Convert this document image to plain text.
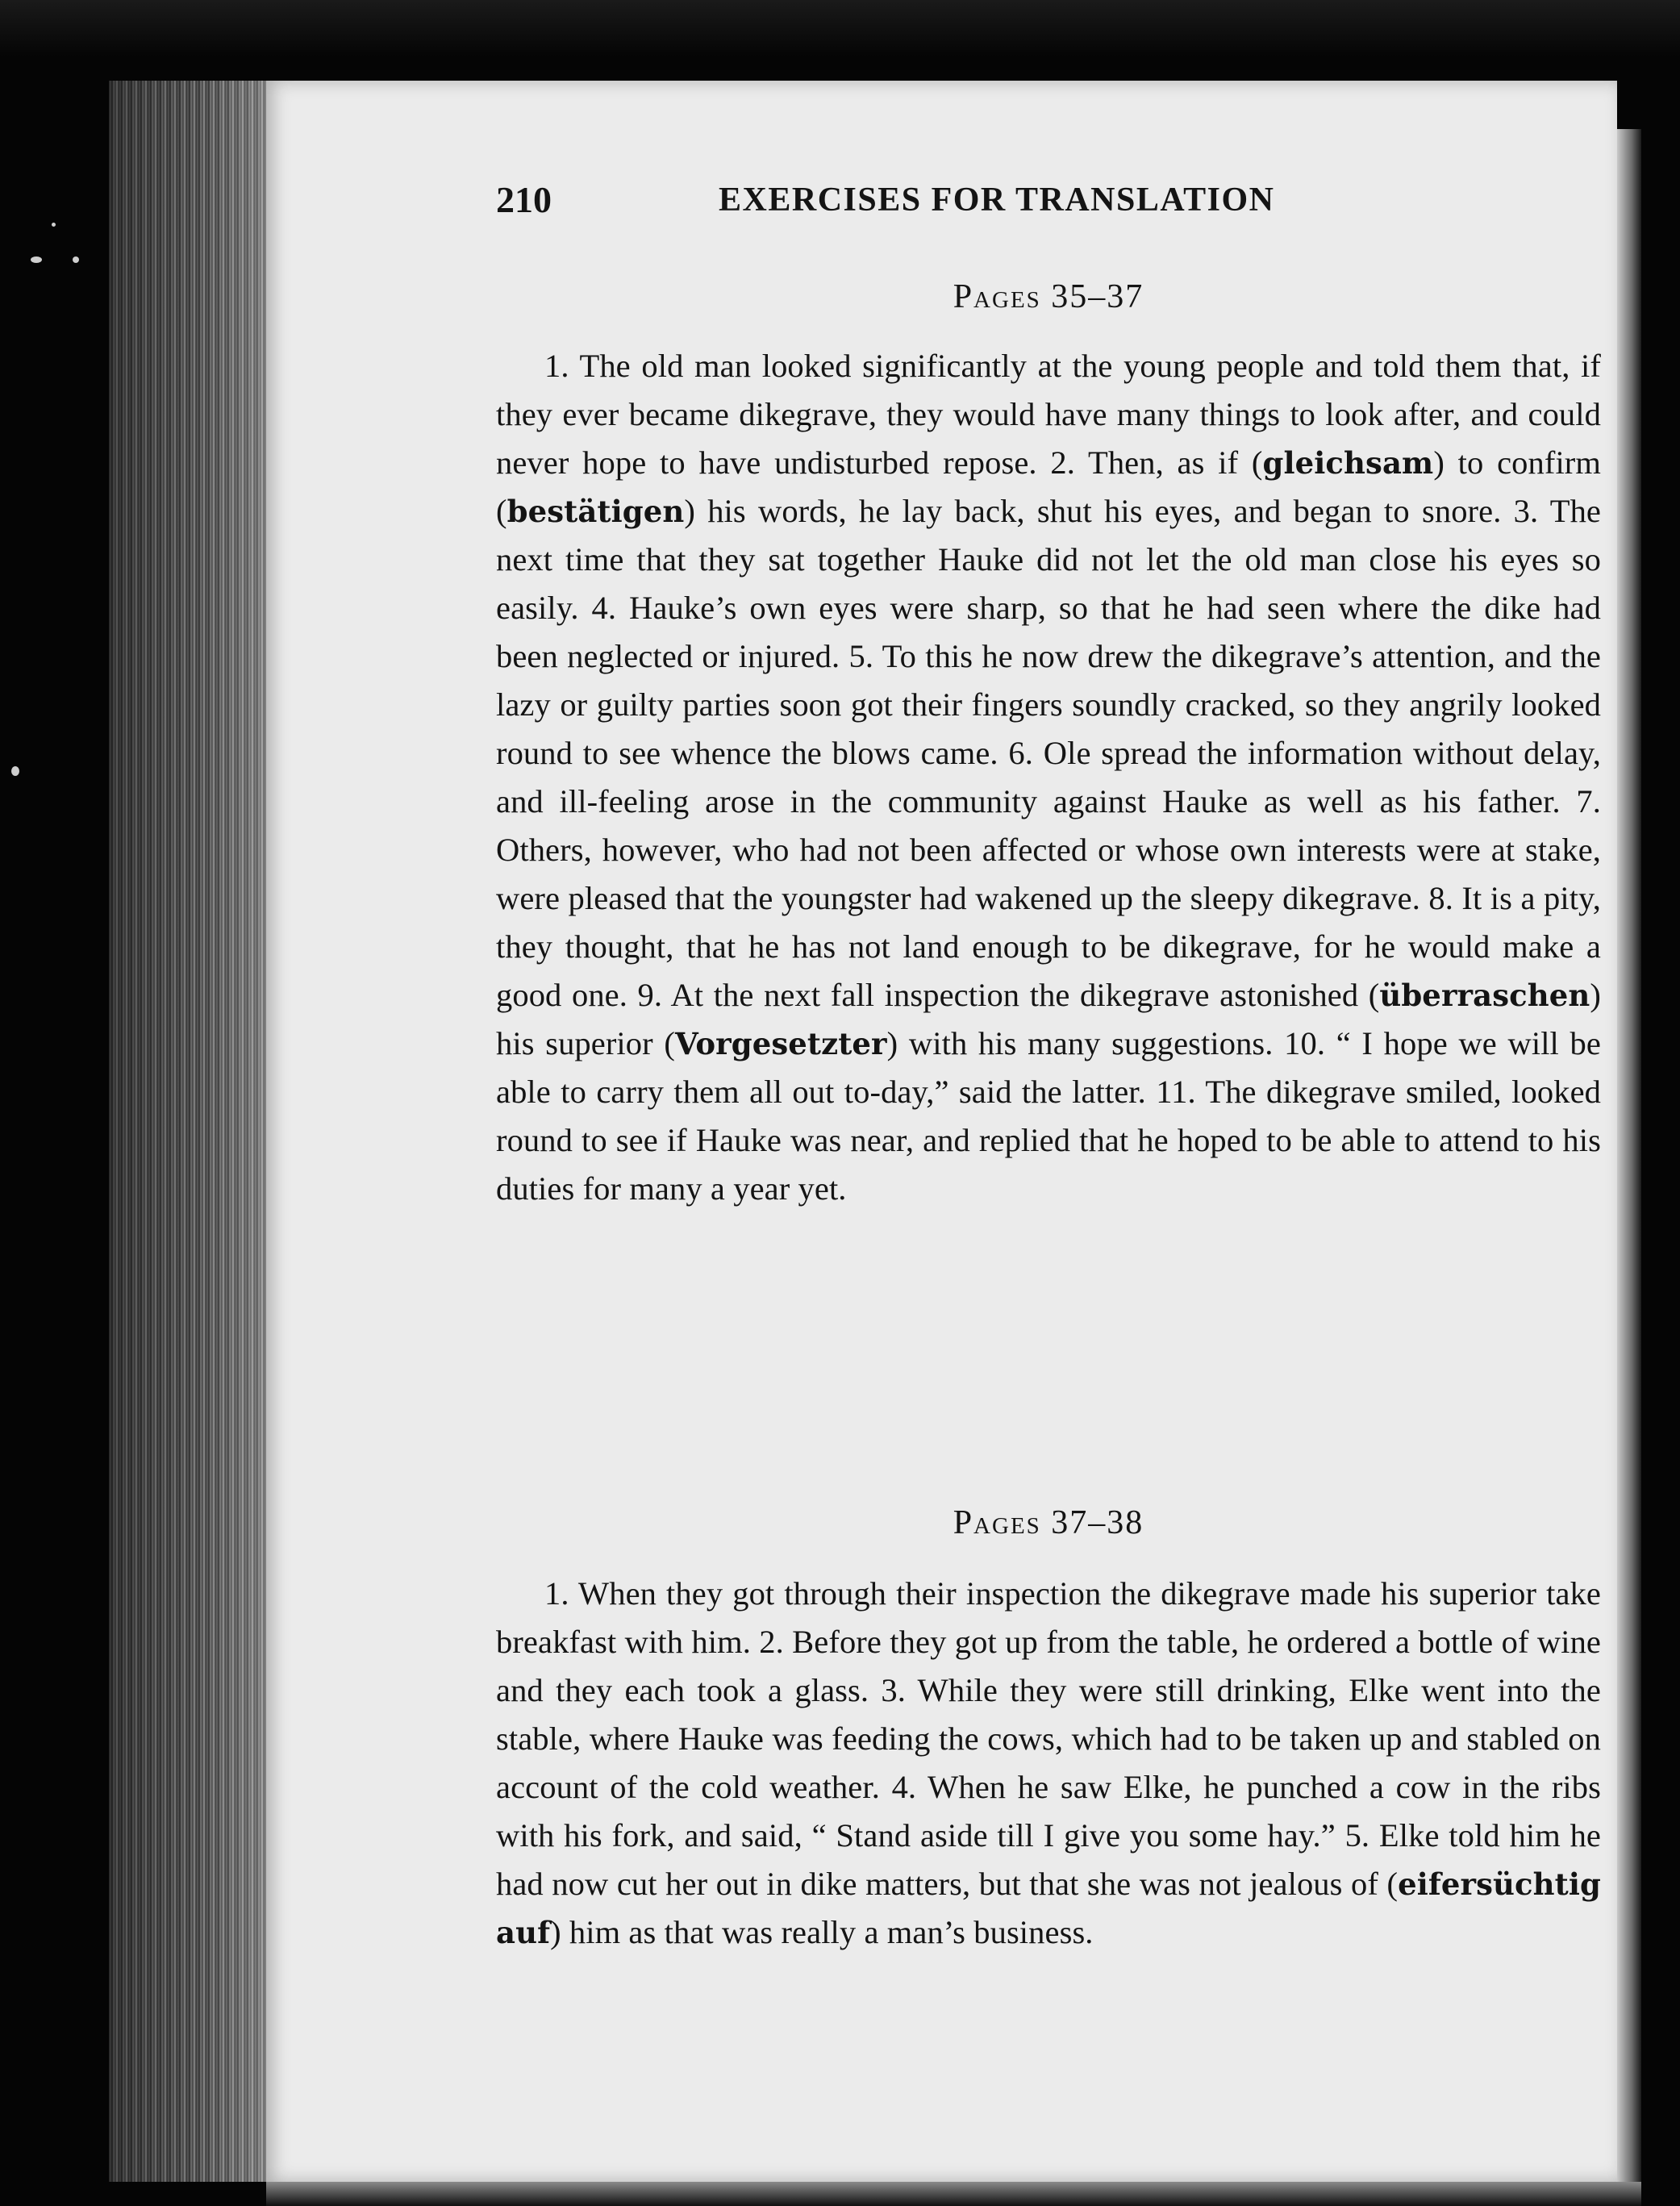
210	EXERCISES FOR TRANSLATION
Pages 35–37

1. The old man looked significantly at the young people and told them that, if they ever became dikegrave, they would have many things to look after, and could never hope to have undisturbed repose. 2. Then, as if (gleichsam) to confirm (bestätigen) his words, he lay back, shut his eyes, and began to snore. 3. The next time that they sat together Hauke did not let the old man close his eyes so easily. 4. Hauke’s own eyes were sharp, so that he had seen where the dike had been neglected or injured. 5. To this he now drew the dikegrave’s attention, and the lazy or guilty parties soon got their fingers soundly cracked, so they angrily looked round to see whence the blows came. 6. Ole spread the information without delay, and ill-feeling arose in the community against Hauke as well as his father. 7. Others, however, who had not been affected or whose own interests were at stake, were pleased that the youngster had wakened up the sleepy dikegrave. 8. It is a pity, they thought, that he has not land enough to be dikegrave, for he would make a good one. 9. At the next fall inspection the dikegrave astonished (überraschen) his superior (Vorgesetzter) with his many suggestions. 10. “ I hope we will be able to carry them all out to-day,” said the latter. 11. The dikegrave smiled, looked round to see if Hauke was near, and replied that he hoped to be able to attend to his duties for many a year yet.

Pages 37–38

1. When they got through their inspection the dikegrave made his superior take breakfast with him. 2. Before they got up from the table, he ordered a bottle of wine and they each took a glass. 3. While they were still drinking, Elke went into the stable, where Hauke was feeding the cows, which had to be taken up and stabled on account of the cold weather. 4. When he saw Elke, he punched a cow in the ribs with his fork, and said, “ Stand aside till I give you some hay.” 5. Elke told him he had now cut her out in dike matters, but that she was not jealous of (eifersüchtig auf) him as that was really a man’s business.
